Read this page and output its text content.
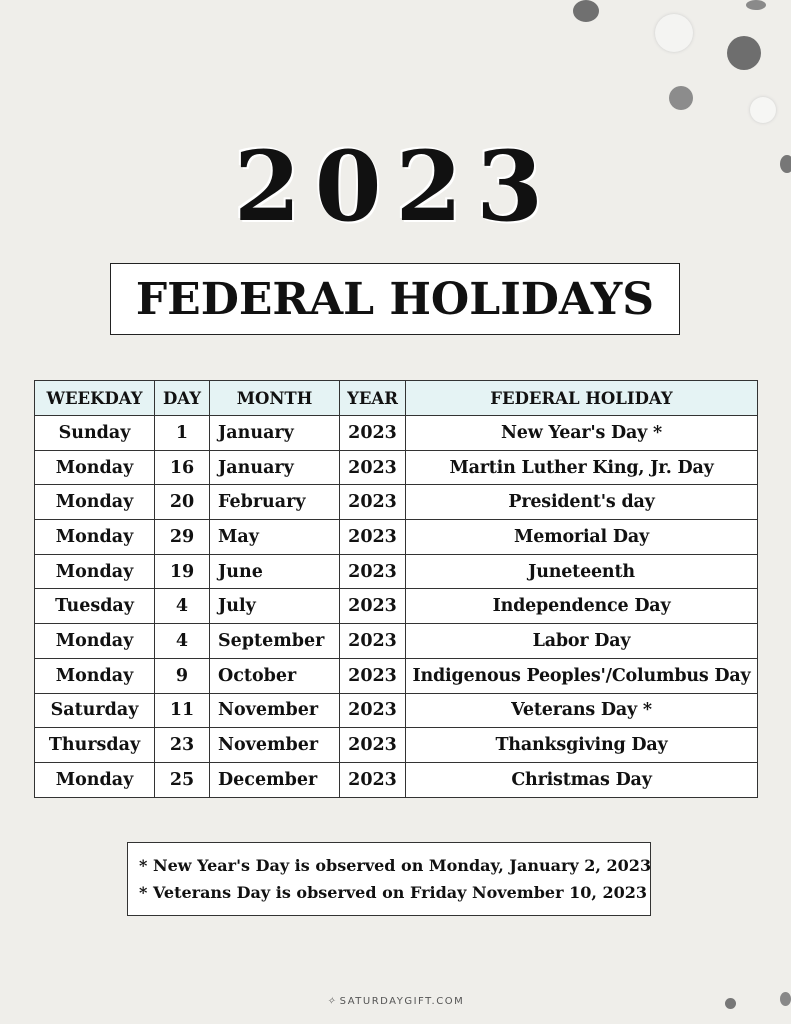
2023
FEDERAL HOLIDAYS
WEEKDAY	DAY	MONTH	YEAR	FEDERAL HOLIDAY
Sunday	1	January	2023	New Year's Day *
Monday	16	January	2023	Martin Luther King, Jr. Day
Monday	20	February	2023	President's day
Monday	29	May	2023	Memorial Day
Monday	19	June	2023	Juneteenth
Tuesday	4	July	2023	Independence Day
Monday	4	September	2023	Labor Day
Monday	9	October	2023	Indigenous Peoples'/Columbus Day
Saturday	11	November	2023	Veterans Day *
Thursday	23	November	2023	Thanksgiving Day
Monday	25	December	2023	Christmas Day
* New Year's Day is observed on Monday, January 2, 2023
* Veterans Day is observed on Friday November 10, 2023
✧ SATURDAYGIFT.COM
